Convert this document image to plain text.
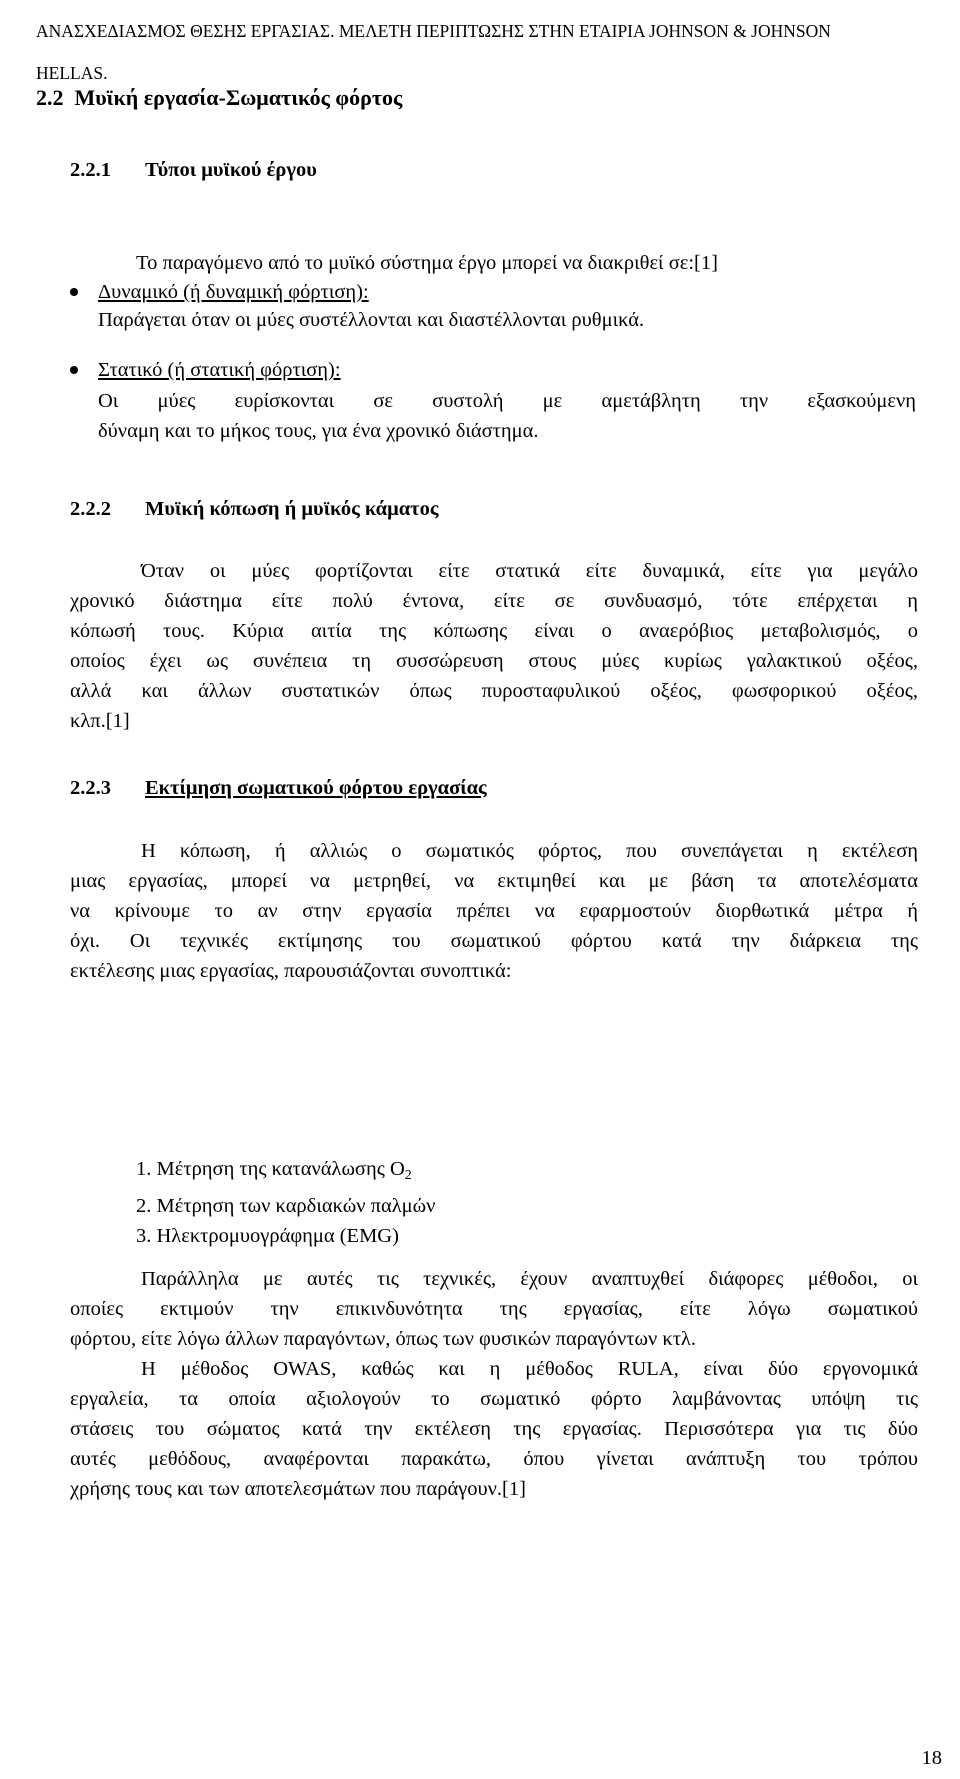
ΑΝΑΣΧΕΔΙΑΣΜΟΣ ΘΕΣΗΣ ΕΡΓΑΣΙΑΣ. ΜΕΛΕΤΗ ΠΕΡΙΠΤΩΣΗΣ ΣΤΗΝ ΕΤΑΙΡΙΑ JOHNSON & JOHNSON

HELLAS.

2.2 Μυϊκή εργασία-Σωματικός φόρτος
2.2.1 Τύποι μυϊκού έργου
Το παραγόμενο από το μυϊκό σύστημα έργο μπορεί να διακριθεί σε:[1]
Δυναμικό (ή δυναμική φόρτιση):
Παράγεται όταν οι μύες συστέλλονται και διαστέλλονται ρυθμικά.
Στατικό (ή στατική φόρτιση):
Οι μύες ευρίσκονται σε συστολή με αμετάβλητη την εξασκούμενη
δύναμη και το μήκος τους, για ένα χρονικό διάστημα.
2.2.2 Μυϊκή κόπωση ή μυϊκός κάματος
Όταν οι μύες φορτίζονται είτε στατικά είτε δυναμικά, είτε για μεγάλο
χρονικό διάστημα είτε πολύ έντονα, είτε σε συνδυασμό, τότε επέρχεται η
κόπωσή τους. Κύρια αιτία της κόπωσης είναι ο αναερόβιος μεταβολισμός, ο
οποίος έχει ως συνέπεια τη συσσώρευση στους μύες κυρίως γαλακτικού οξέος,
αλλά και άλλων συστατικών όπως πυροσταφυλικού οξέος, φωσφορικού οξέος,
κλπ.[1]
2.2.3 Εκτίμηση σωματικού φόρτου εργασίας
Η κόπωση, ή αλλιώς ο σωματικός φόρτος, που συνεπάγεται η εκτέλεση
μιας εργασίας, μπορεί να μετρηθεί, να εκτιμηθεί και με βάση τα αποτελέσματα
να κρίνουμε το αν στην εργασία πρέπει να εφαρμοστούν διορθωτικά μέτρα ή
όχι. Οι τεχνικές εκτίμησης του σωματικού φόρτου κατά την διάρκεια της
εκτέλεσης μιας εργασίας, παρουσιάζονται συνοπτικά:
1. Μέτρηση της κατανάλωσης $O_2$
2. Μέτρηση των καρδιακών παλμών
3. Ηλεκτρομυογράφημα (EMG)
Παράλληλα με αυτές τις τεχνικές, έχουν αναπτυχθεί διάφορες μέθοδοι, οι
οποίες εκτιμούν την επικινδυνότητα της εργασίας, είτε λόγω σωματικού
φόρτου, είτε λόγω άλλων παραγόντων, όπως των φυσικών παραγόντων κτλ.
Η μέθοδος OWAS, καθώς και η μέθοδος RULA, είναι δύο εργονομικά
εργαλεία, τα οποία αξιολογούν το σωματικό φόρτο λαμβάνοντας υπόψη τις
στάσεις του σώματος κατά την εκτέλεση της εργασίας. Περισσότερα για τις δύο
αυτές μεθόδους, αναφέρονται παρακάτω, όπου γίνεται ανάπτυξη του τρόπου
χρήσης τους και των αποτελεσμάτων που παράγουν.[1]
18
